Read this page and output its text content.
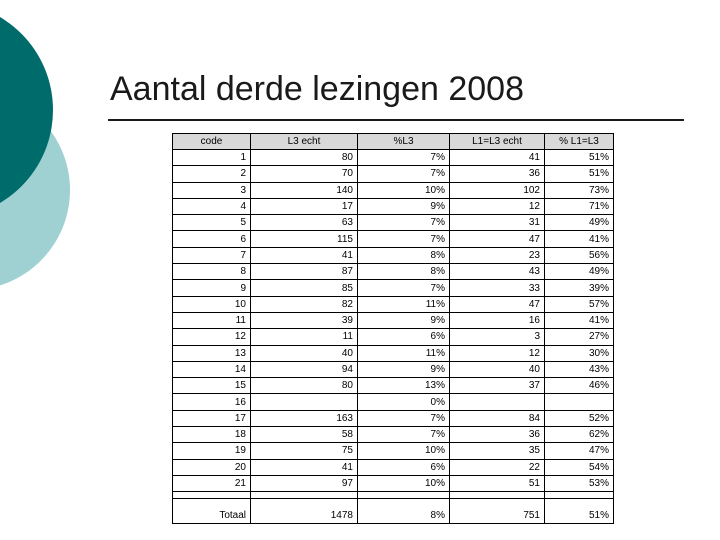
Aantal derde lezingen 2008
code	L3 echt	%L3	L1=L3 echt	% L1=L3
1	80	7%	41	51%
2	70	7%	36	51%
3	140	10%	102	73%
4	17	9%	12	71%
5	63	7%	31	49%
6	115	7%	47	41%
7	41	8%	23	56%
8	87	8%	43	49%
9	85	7%	33	39%
10	82	11%	47	57%
11	39	9%	16	41%
12	11	6%	3	27%
13	40	11%	12	30%
14	94	9%	40	43%
15	80	13%	37	46%
16		0%		
17	163	7%	84	52%
18	58	7%	36	62%
19	75	10%	35	47%
20	41	6%	22	54%
21	97	10%	51	53%

Totaal	1478	8%	751	51%
